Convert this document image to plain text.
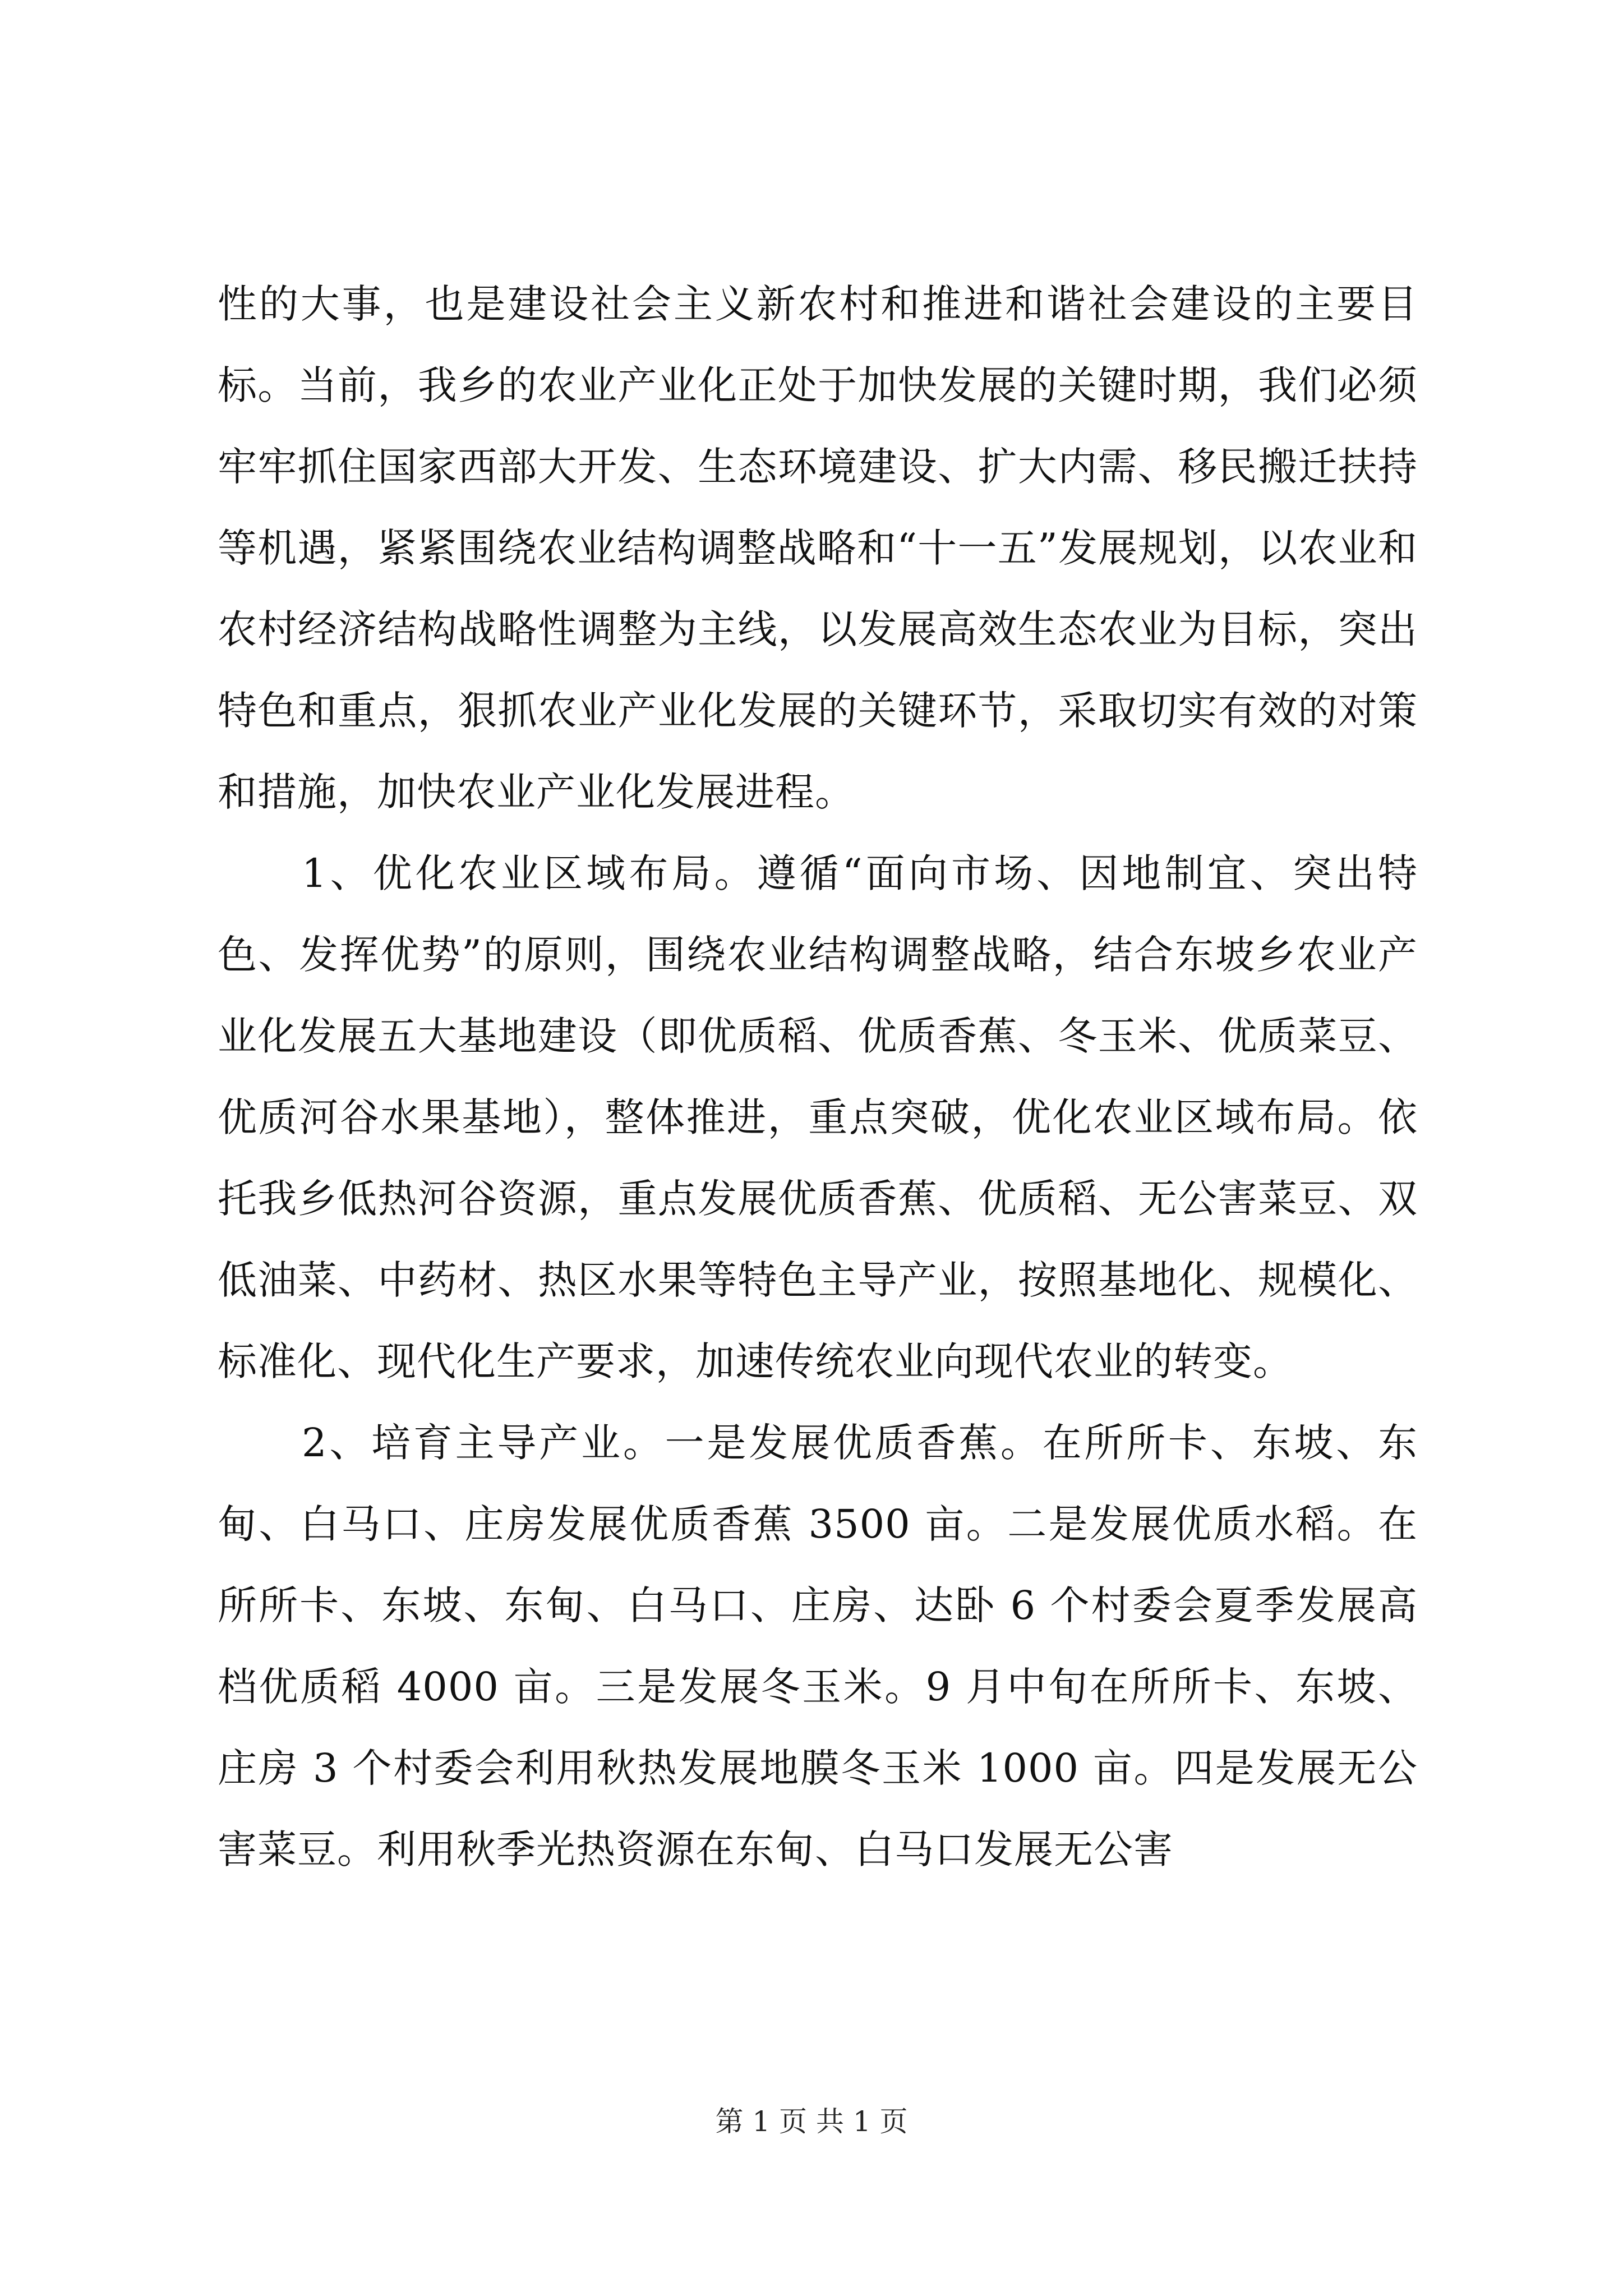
性的大事，也是建设社会主义新农村和推进和谐社会建设的主要目标。当前，我乡的农业产业化正处于加快发展的关键时期，我们必须牢牢抓住国家西部大开发、生态环境建设、扩大内需、移民搬迁扶持等机遇，紧紧围绕农业结构调整战略和“十一五”发展规划，以农业和农村经济结构战略性调整为主线，以发展高效生态农业为目标，突出特色和重点，狠抓农业产业化发展的关键环节，采取切实有效的对策和措施，加快农业产业化发展进程。

1、优化农业区域布局。遵循“面向市场、因地制宜、突出特色、发挥优势”的原则，围绕农业结构调整战略，结合东坡乡农业产业化发展五大基地建设（即优质稻、优质香蕉、冬玉米、优质菜豆、优质河谷水果基地），整体推进，重点突破，优化农业区域布局。依托我乡低热河谷资源，重点发展优质香蕉、优质稻、无公害菜豆、双低油菜、中药材、热区水果等特色主导产业，按照基地化、规模化、标准化、现代化生产要求，加速传统农业向现代农业的转变。

2、培育主导产业。一是发展优质香蕉。在所所卡、东坡、东甸、白马口、庄房发展优质香蕉 3500 亩。二是发展优质水稻。在所所卡、东坡、东甸、白马口、庄房、达卧 6 个村委会夏季发展高档优质稻 4000 亩。三是发展冬玉米。9 月中旬在所所卡、东坡、庄房 3 个村委会利用秋热发展地膜冬玉米 1000 亩。四是发展无公害菜豆。利用秋季光热资源在东甸、白马口发展无公害

第 1 页 共 1 页
